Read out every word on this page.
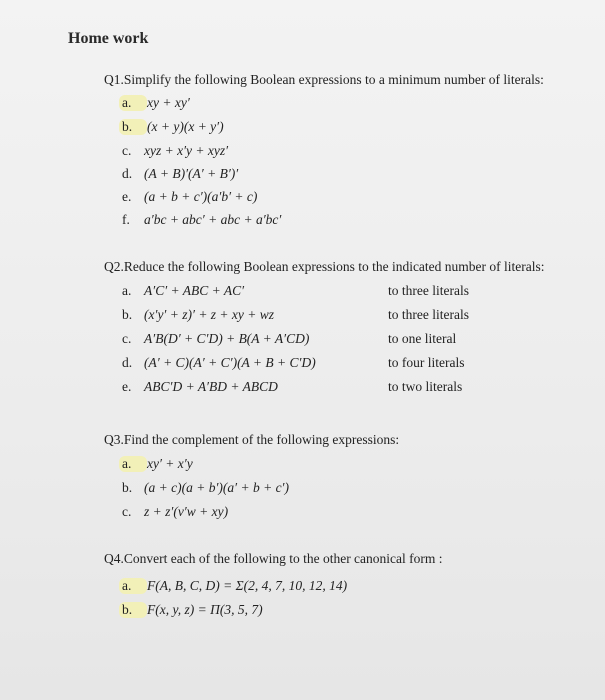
Home work
Q1.Simplify the following Boolean expressions to a minimum number of literals:
a. xy + xy′
b. (x + y)(x + y′)
c. xyz + x′y + xyz′
d. (A + B)′(A′ + B′)′
e. (a + b + c′)(a′b′ + c)
f. a′bc + abc′ + abc + a′bc′
Q2.Reduce the following Boolean expressions to the indicated number of literals:
a. A′C′ + ABC + AC′	to three literals
b. (x′y′ + z)′ + z + xy + wz	to three literals
c. A′B(D′ + C′D) + B(A + A′CD)	to one literal
d. (A′ + C)(A′ + C′)(A + B + C′D)	to four literals
e. ABC′D + A′BD + ABCD	to two literals
Q3.Find the complement of the following expressions:
a. xy′ + x′y
b. (a + c)(a + b′)(a′ + b + c′)
c. z + z′(v′w + xy)
Q4.Convert each of the following to the other canonical form :
a. F(A, B, C, D) = Σ(2, 4, 7, 10, 12, 14)
b. F(x, y, z) = Π(3, 5, 7)
